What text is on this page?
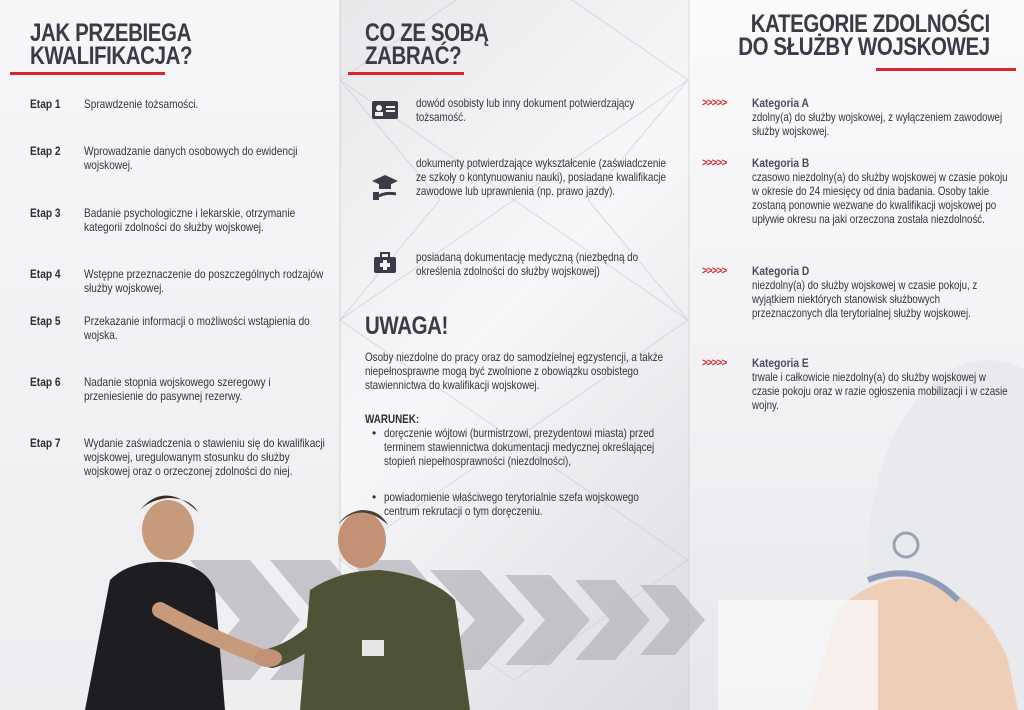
JAK PRZEBIEGA

KWALIFIKACJA?

Etap 1 Sprawdzenie tożsamości.
Etap 2 Wprowadzanie danych osobowych do ewidencji wojskowej.
Etap 3 Badanie psychologiczne i lekarskie, otrzymanie kategorii zdolności do służby wojskowej.
Etap 4 Wstępne przeznaczenie do poszczególnych rodzajów służby wojskowej.
Etap 5 Przekazanie informacji o możliwości wstąpienia do wojska.
Etap 6 Nadanie stopnia wojskowego szeregowy i przeniesienie do pasywnej rezerwy.
Etap 7 Wydanie zaświadczenia o stawieniu się do kwalifikacji wojskowej, uregulowanym stosunku do służby wojskowej oraz o orzeczonej zdolności do niej.

CO ZE SOBĄ

ZABRAĆ?

dowód osobisty lub inny dokument potwierdzający tożsamość.
dokumenty potwierdzające wykształcenie (zaświadczenie ze szkoły o kontynuowaniu nauki), posiadane kwalifikacje zawodowe lub uprawnienia (np. prawo jazdy).
posiadaną dokumentację medyczną (niezbędną do określenia zdolności do służby wojskowej)

UWAGA!

Osoby niezdolne do pracy oraz do samodzielnej egzystencji, a także niepełnosprawne mogą być zwolnione z obowiązku osobistego stawiennictwa do kwalifikacji wojskowej.
WARUNEK:
• doręczenie wójtowi (burmistrzowi, prezydentowi miasta) przed terminem stawiennictwa dokumentacji medycznej określającej stopień niepełnosprawności (niezdolności),
• powiadomienie właściwego terytorialnie szefa wojskowego centrum rekrutacji o tym doręczeniu.

KATEGORIE ZDOLNOŚCI

DO SŁUŻBY WOJSKOWEJ

>>>>> Kategoria A
zdolny(a) do służby wojskowej, z wyłączeniem zawodowej służby wojskowej.
>>>>> Kategoria B
czasowo niezdolny(a) do służby wojskowej w czasie pokoju w okresie do 24 miesięcy od dnia badania. Osoby takie zostaną ponownie wezwane do kwalifikacji wojskowej po upływie okresu na jaki orzeczona została niezdolność.
>>>>> Kategoria D
niezdolny(a) do służby wojskowej w czasie pokoju, z wyjątkiem niektórych stanowisk służbowych przeznaczonych dla terytorialnej służby wojskowej.
>>>>> Kategoria E
trwale i całkowicie niezdolny(a) do służby wojskowej w czasie pokoju oraz w razie ogłoszenia mobilizacji i w czasie wojny.
